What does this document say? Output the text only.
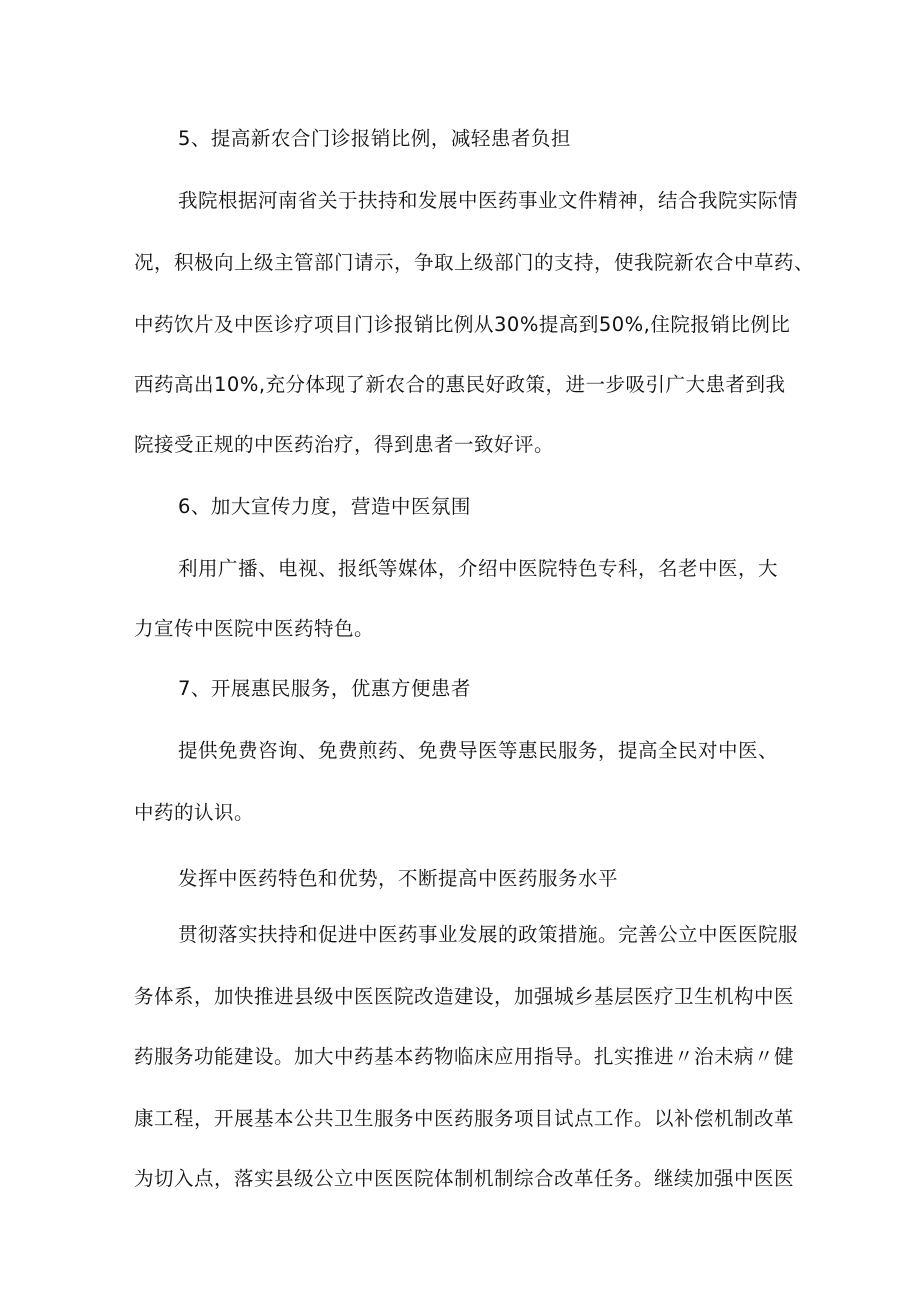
5、提高新农合门诊报销比例，减轻患者负担
我院根据河南省关于扶持和发展中医药事业文件精神，结合我院实际情
况，积极向上级主管部门请示，争取上级部门的支持，使我院新农合中草药、
中药饮片及中医诊疗项目门诊报销比例从30%提高到50%,住院报销比例比
西药高出10%,充分体现了新农合的惠民好政策，进一步吸引广大患者到我
院接受正规的中医药治疗，得到患者一致好评。
6、加大宣传力度，营造中医氛围
利用广播、电视、报纸等媒体，介绍中医院特色专科，名老中医，大
力宣传中医院中医药特色。
7、开展惠民服务，优惠方便患者
提供免费咨询、免费煎药、免费导医等惠民服务，提高全民对中医、
中药的认识。
发挥中医药特色和优势，不断提高中医药服务水平
贯彻落实扶持和促进中医药事业发展的政策措施。完善公立中医医院服
务体系，加快推进县级中医医院改造建设，加强城乡基层医疗卫生机构中医
药服务功能建设。加大中药基本药物临床应用指导。扎实推进〃治未病〃健
康工程，开展基本公共卫生服务中医药服务项目试点工作。以补偿机制改革
为切入点，落实县级公立中医医院体制机制综合改革任务。继续加强中医医
